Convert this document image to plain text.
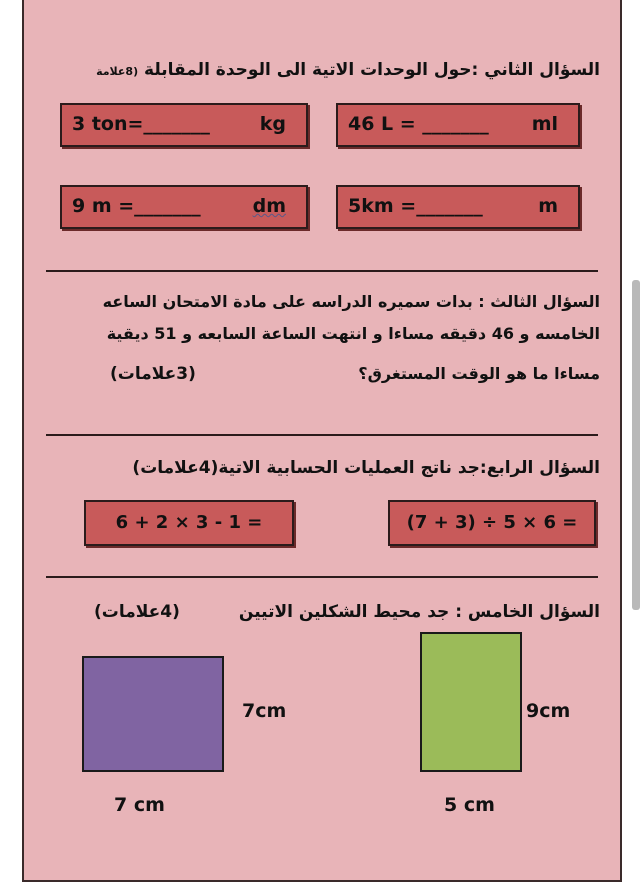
السؤال الثاني :حول الوحدات الاتية الى الوحدة المقابلة (8علامة
3 ton=_______	kg	46 L = _______ ml
9 m =_______	dm	5km =_______	m
السؤال الثالث : بدات سميره الدراسه على مادة الامتحان الساعه
الخامسه و 46 دقيقه مساءا و انتهت الساعة السابعه و 51 ديقية
مساءا ما هو الوقت المستغرق؟
(3علامات)
السؤال الرابع:جد ناتج العمليات الحسابية الاتية(4علامات)
6 + 2 × 3 - 1 =	(7 + 3) ÷ 5 × 6 =
السؤال الخامس : جد محيط الشكلين الاتيين
(4علامات)
7cm
7 cm
9cm
5 cm
